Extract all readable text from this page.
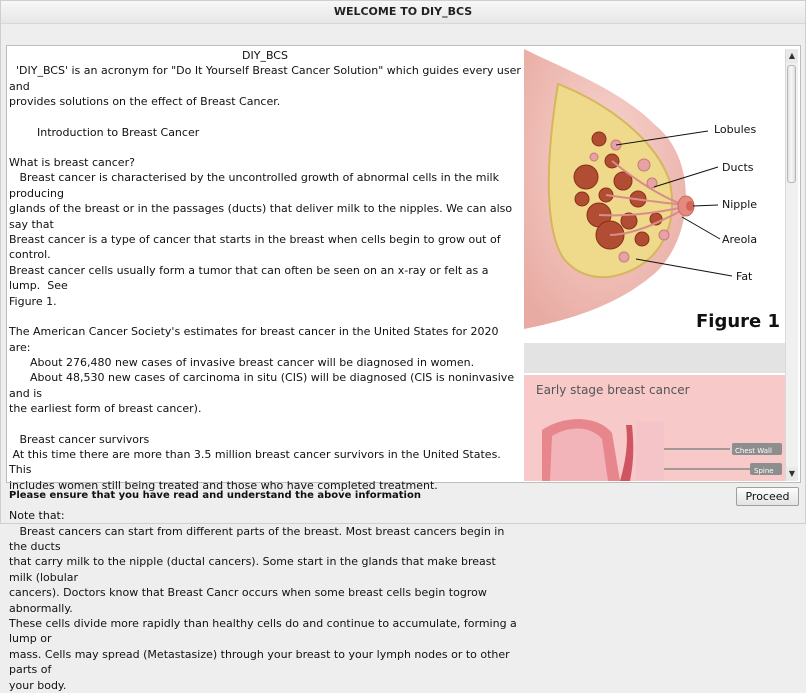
WELCOME TO DIY_BCS
DIY_BCS
'DIY_BCS' is an acronym for "Do It Yourself Breast Cancer Solution" which guides every user and
provides solutions on the effect of Breast Cancer.
Introduction to Breast Cancer
What is breast cancer?
Breast cancer is characterised by the uncontrolled growth of abnormal cells in the milk producing
glands of the breast or in the passages (ducts) that deliver milk to the nipples. We can also say that
Breast cancer is a type of cancer that starts in the breast when cells begin to grow out of control.
Breast cancer cells usually form a tumor that can often be seen on an x-ray or felt as a lump.  See
Figure 1.
The American Cancer Society's estimates for breast cancer in the United States for 2020 are:
About 276,480 new cases of invasive breast cancer will be diagnosed in women.
About 48,530 new cases of carcinoma in situ (CIS) will be diagnosed (CIS is noninvasive and is
the earliest form of breast cancer).
Breast cancer survivors
At this time there are more than 3.5 million breast cancer survivors in the United States. This
includes women still being treated and those who have completed treatment.
Note that:
Breast cancers can start from different parts of the breast. Most breast cancers begin in the ducts
that carry milk to the nipple (ductal cancers). Some start in the glands that make breast milk (lobular
cancers). Doctors know that Breast Cancr occurs when some breast cells begin togrow abnormally.
These cells divide more rapidly than healthy cells do and continue to accumulate, forming a lump or
mass. Cells may spread (Metastasize) through your breast to your lymph nodes or to other parts of
your body.
Lobules
Ducts
Nipple
Areola
Fat
Figure 1
Early stage breast cancer
Chest Wall
Spine
▲
▼
Please ensure that you have read and understand the above information	Proceed
